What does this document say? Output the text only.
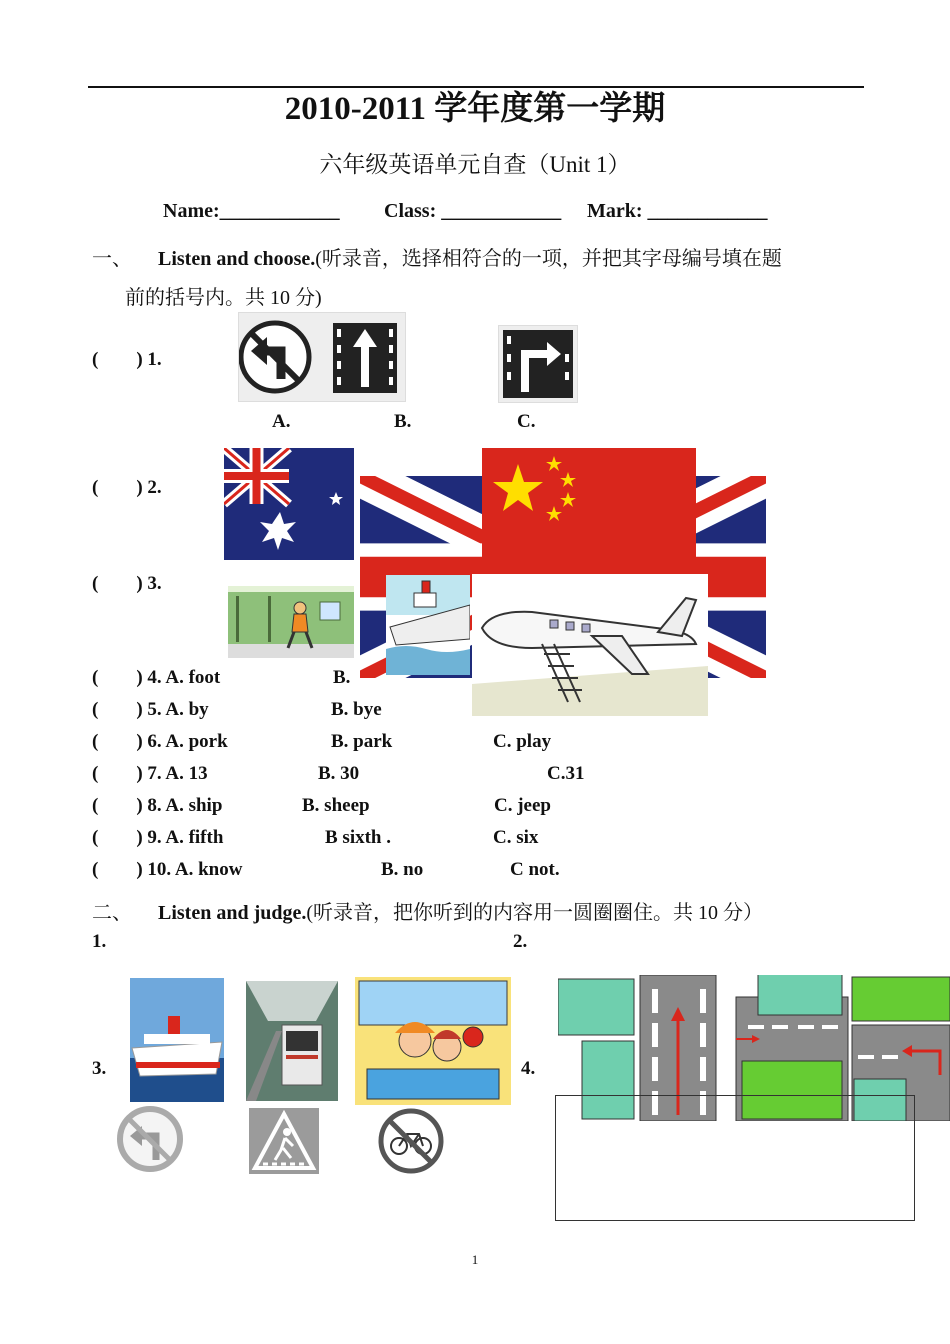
2010-2011 学年度第一学期
六年级英语单元自查（Unit 1）
Name:____________ Class: ____________ Mark: ____________
一、 Listen and choose.(听录音，选择相符合的一项，并把其字母编号填在题
前的括号内。共 10 分)
(        ) 1.
A.	B.	C.
(        ) 2.
(        ) 3.
(        ) 4. A. foot	B.
(        ) 5. A. by	B. bye
(        ) 6. A. pork	B. park	C. play
(        ) 7. A. 13	B. 30	C.31
(        ) 8. A. ship	B. sheep	C. jeep
(        ) 9. A. fifth	B sixth .	C. six
(        ) 10. A. know	B. no	C not.
二、 Listen and judge.(听录音，把你听到的内容用一圆圈圈住。共 10 分）
1.	2.
3.	4.
1
